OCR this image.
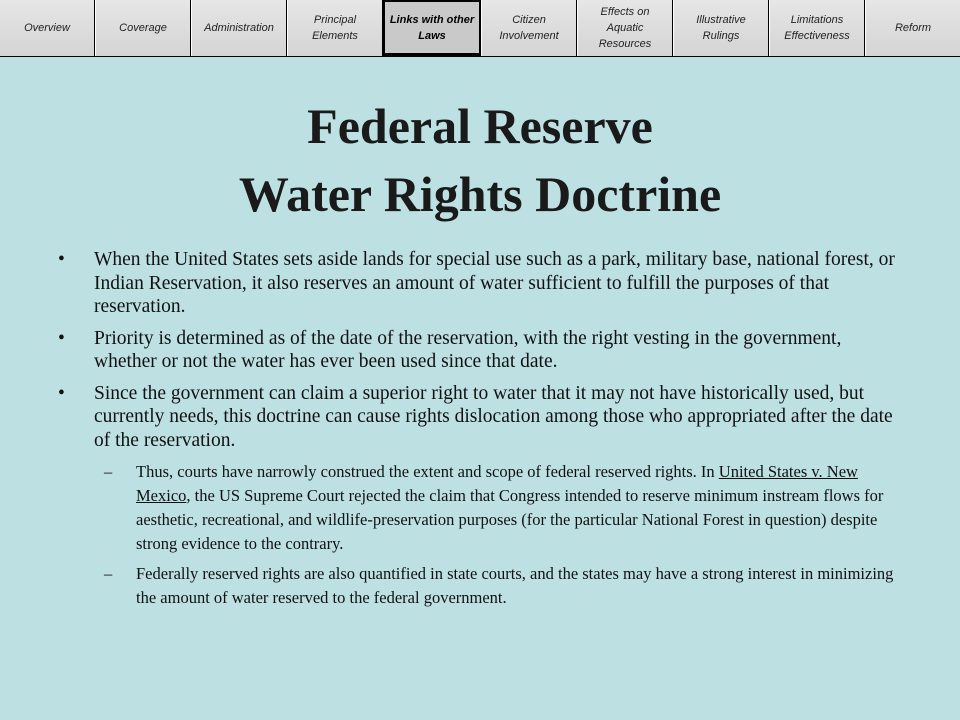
Overview	Coverage	Administration
Principal Elements
Links with other Laws
Citizen Involvement
Effects on Aquatic Resources
Illustrative Rulings
Limitations Effectiveness
Reform
Federal Reserve
Water Rights Doctrine
• When the United States sets aside lands for special use such as a park, military base, national forest, or Indian Reservation, it also reserves an amount of water sufficient to fulfill the purposes of that reservation.
• Priority is determined as of the date of the reservation, with the right vesting in the government, whether or not the water has ever been used since that date.
• Since the government can claim a superior right to water that it may not have historically used, but currently needs, this doctrine can cause rights dislocation among those who appropriated after the date of the reservation.
– Thus, courts have narrowly construed the extent and scope of federal reserved rights. In United States v. New Mexico, the US Supreme Court rejected the claim that Congress intended to reserve minimum instream flows for aesthetic, recreational, and wildlife-preservation purposes (for the particular National Forest in question) despite strong evidence to the contrary.
– Federally reserved rights are also quantified in state courts, and the states may have a strong interest in minimizing the amount of water reserved to the federal government.
